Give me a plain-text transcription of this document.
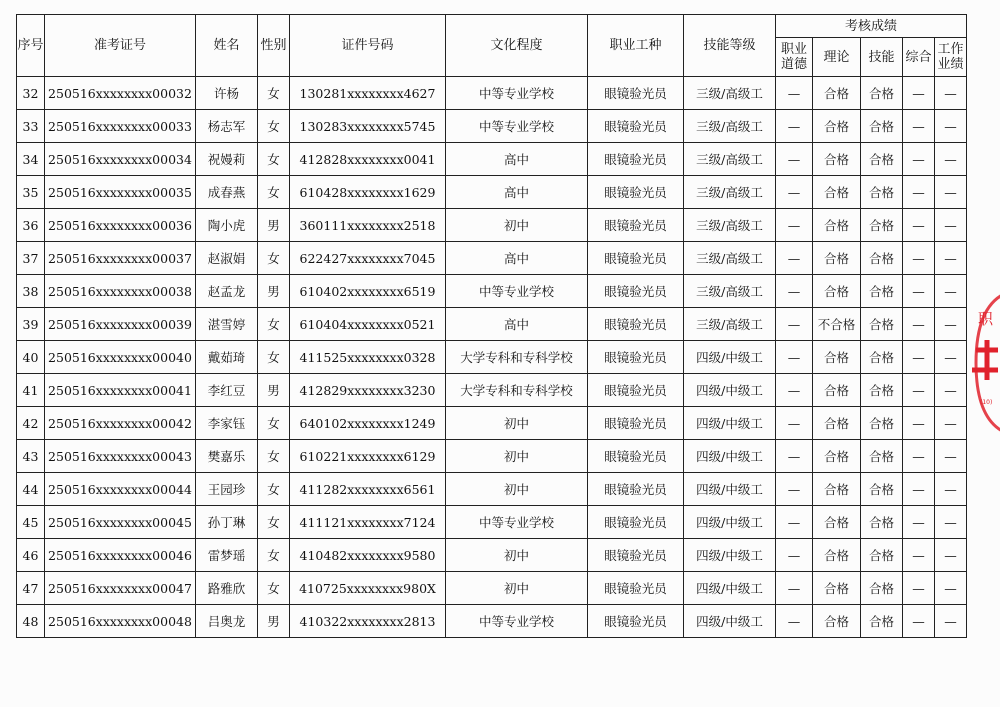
序号	准考证号	姓名	性别	证件号码	文化程度	职业工种	技能等级	考核成绩				
								职业道德	理论	技能	综合	工作业绩
32	250516xxxxxxxx00032	许杨	女	130281xxxxxxxx4627	中等专业学校	眼镜验光员	三级/高级工	—	合格	合格	—	—
33	250516xxxxxxxx00033	杨志军	女	130283xxxxxxxx5745	中等专业学校	眼镜验光员	三级/高级工	—	合格	合格	—	—
34	250516xxxxxxxx00034	祝嫚莉	女	412828xxxxxxxx0041	高中	眼镜验光员	三级/高级工	—	合格	合格	—	—
35	250516xxxxxxxx00035	成春燕	女	610428xxxxxxxx1629	高中	眼镜验光员	三级/高级工	—	合格	合格	—	—
36	250516xxxxxxxx00036	陶小虎	男	360111xxxxxxxx2518	初中	眼镜验光员	三级/高级工	—	合格	合格	—	—
37	250516xxxxxxxx00037	赵淑娟	女	622427xxxxxxxx7045	高中	眼镜验光员	三级/高级工	—	合格	合格	—	—
38	250516xxxxxxxx00038	赵孟龙	男	610402xxxxxxxx6519	中等专业学校	眼镜验光员	三级/高级工	—	合格	合格	—	—
39	250516xxxxxxxx00039	湛雪婷	女	610404xxxxxxxx0521	高中	眼镜验光员	三级/高级工	—	不合格	合格	—	—
40	250516xxxxxxxx00040	戴茹琦	女	411525xxxxxxxx0328	大学专科和专科学校	眼镜验光员	四级/中级工	—	合格	合格	—	—
41	250516xxxxxxxx00041	李红豆	男	412829xxxxxxxx3230	大学专科和专科学校	眼镜验光员	四级/中级工	—	合格	合格	—	—
42	250516xxxxxxxx00042	李家钰	女	640102xxxxxxxx1249	初中	眼镜验光员	四级/中级工	—	合格	合格	—	—
43	250516xxxxxxxx00043	樊嘉乐	女	610221xxxxxxxx6129	初中	眼镜验光员	四级/中级工	—	合格	合格	—	—
44	250516xxxxxxxx00044	王园珍	女	411282xxxxxxxx6561	初中	眼镜验光员	四级/中级工	—	合格	合格	—	—
45	250516xxxxxxxx00045	孙丁琳	女	411121xxxxxxxx7124	中等专业学校	眼镜验光员	四级/中级工	—	合格	合格	—	—
46	250516xxxxxxxx00046	雷梦瑶	女	410482xxxxxxxx9580	初中	眼镜验光员	四级/中级工	—	合格	合格	—	—
47	250516xxxxxxxx00047	路雅欣	女	410725xxxxxxxx980X	初中	眼镜验光员	四级/中级工	—	合格	合格	—	—
48	250516xxxxxxxx00048	吕奥龙	男	410322xxxxxxxx2813	中等专业学校	眼镜验光员	四级/中级工	—	合格	合格	—	—
职
(10)
